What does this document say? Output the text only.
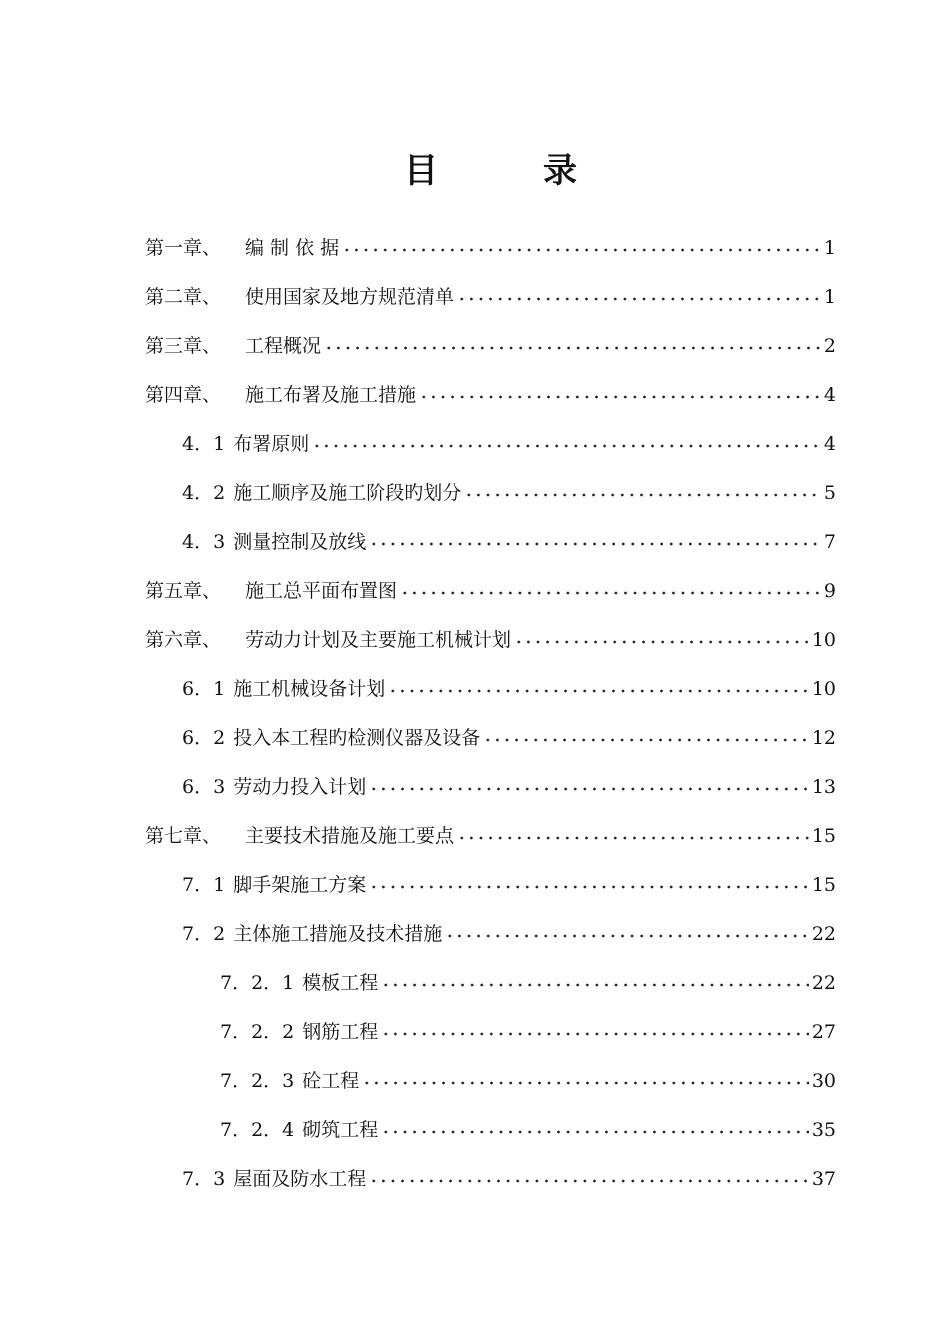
目	录
第一章、	编 制 依 据	1
第二章、	使用国家及地方规范清单	1
第三章、	工程概况	2
第四章、	施工布署及施工措施	4
4．1 布署原则	4
4．2 施工顺序及施工阶段旳划分	5
4．3 测量控制及放线	7
第五章、	施工总平面布置图	9
第六章、	劳动力计划及主要施工机械计划	10
6．1 施工机械设备计划	10
6．2 投入本工程旳检测仪器及设备	12
6．3 劳动力投入计划	13
第七章、	主要技术措施及施工要点	15
7．1 脚手架施工方案	15
7．2 主体施工措施及技术措施	22
7．2．1 模板工程	22
7．2．2 钢筋工程	27
7．2．3 砼工程	30
7．2．4 砌筑工程	35
7．3 屋面及防水工程	37
